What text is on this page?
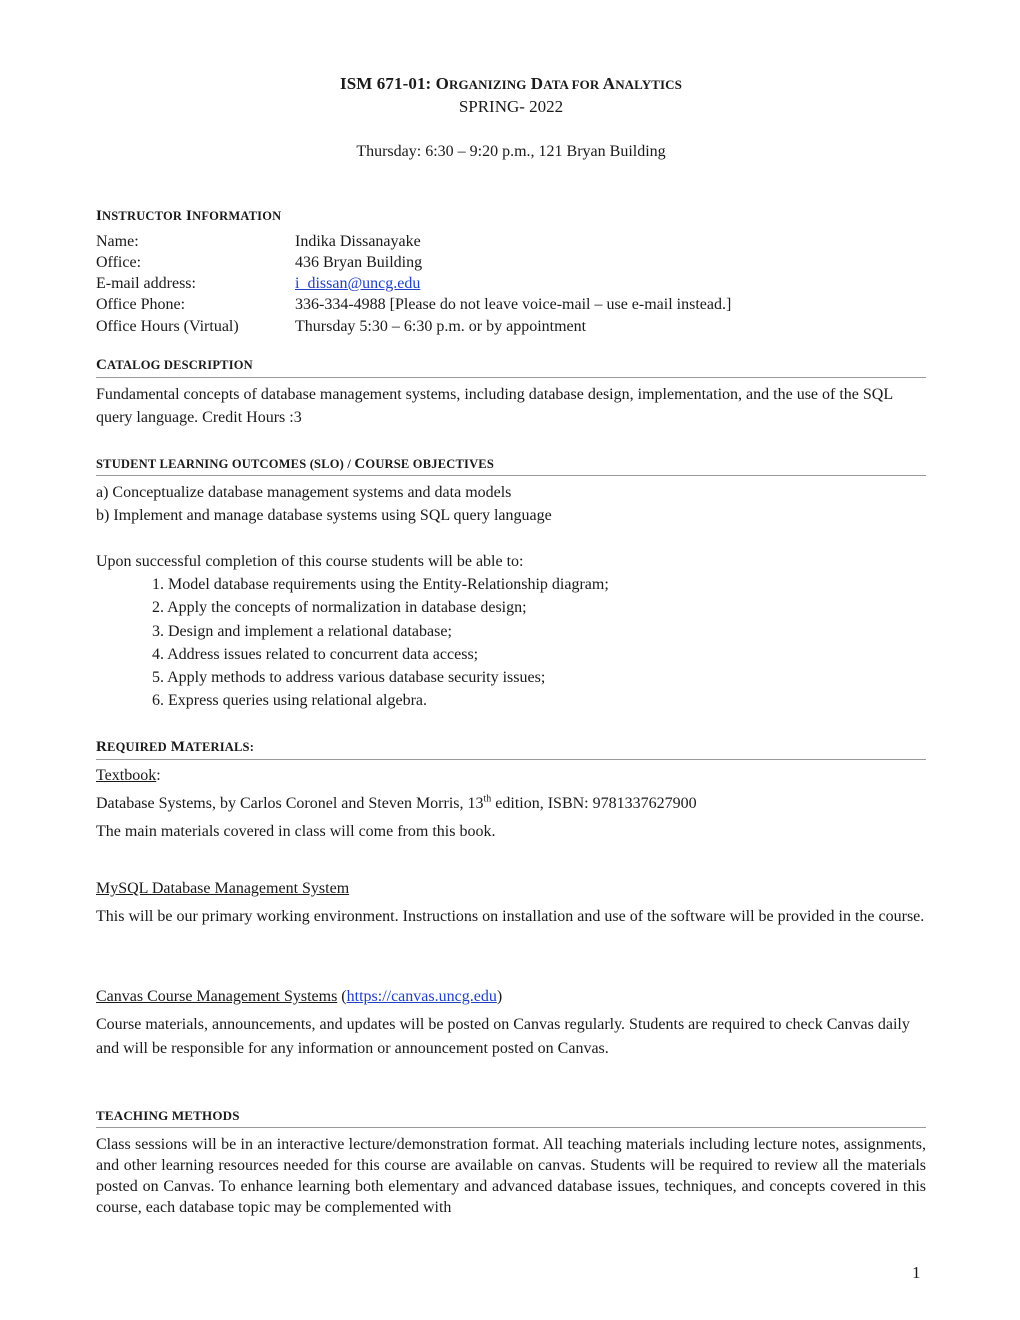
ISM 671-01: ORGANIZING DATA FOR ANALYTICS
SPRING- 2022
Thursday: 6:30 – 9:20 p.m., 121 Bryan Building
INSTRUCTOR INFORMATION
Name:	Indika Dissanayake
Office:	436 Bryan Building
E-mail address:	i_dissan@uncg.edu
Office Phone:	336-334-4988 [Please do not leave voice-mail – use e-mail instead.]
Office Hours (Virtual)	Thursday 5:30 – 6:30 p.m. or by appointment
CATALOG DESCRIPTION
Fundamental concepts of database management systems, including database design, implementation, and the use of the SQL query language. Credit Hours :3
STUDENT LEARNING OUTCOMES (SLO) / COURSE OBJECTIVES
a) Conceptualize database management systems and data models
b) Implement and manage database systems using SQL query language
Upon successful completion of this course students will be able to:
1. Model database requirements using the Entity-Relationship diagram;
2. Apply the concepts of normalization in database design;
3. Design and implement a relational database;
4. Address issues related to concurrent data access;
5. Apply methods to address various database security issues;
6. Express queries using relational algebra.
REQUIRED MATERIALS:
Textbook:
Database Systems, by Carlos Coronel and Steven Morris, 13th edition, ISBN: 9781337627900
The main materials covered in class will come from this book.
MySQL Database Management System
This will be our primary working environment. Instructions on installation and use of the software will be provided in the course.
Canvas Course Management Systems (https://canvas.uncg.edu)
Course materials, announcements, and updates will be posted on Canvas regularly. Students are required to check Canvas daily and will be responsible for any information or announcement posted on Canvas.
TEACHING METHODS
Class sessions will be in an interactive lecture/demonstration format. All teaching materials including lecture notes, assignments, and other learning resources needed for this course are available on canvas. Students will be required to review all the materials posted on Canvas. To enhance learning both elementary and advanced database issues, techniques, and concepts covered in this course, each database topic may be complemented with
1
